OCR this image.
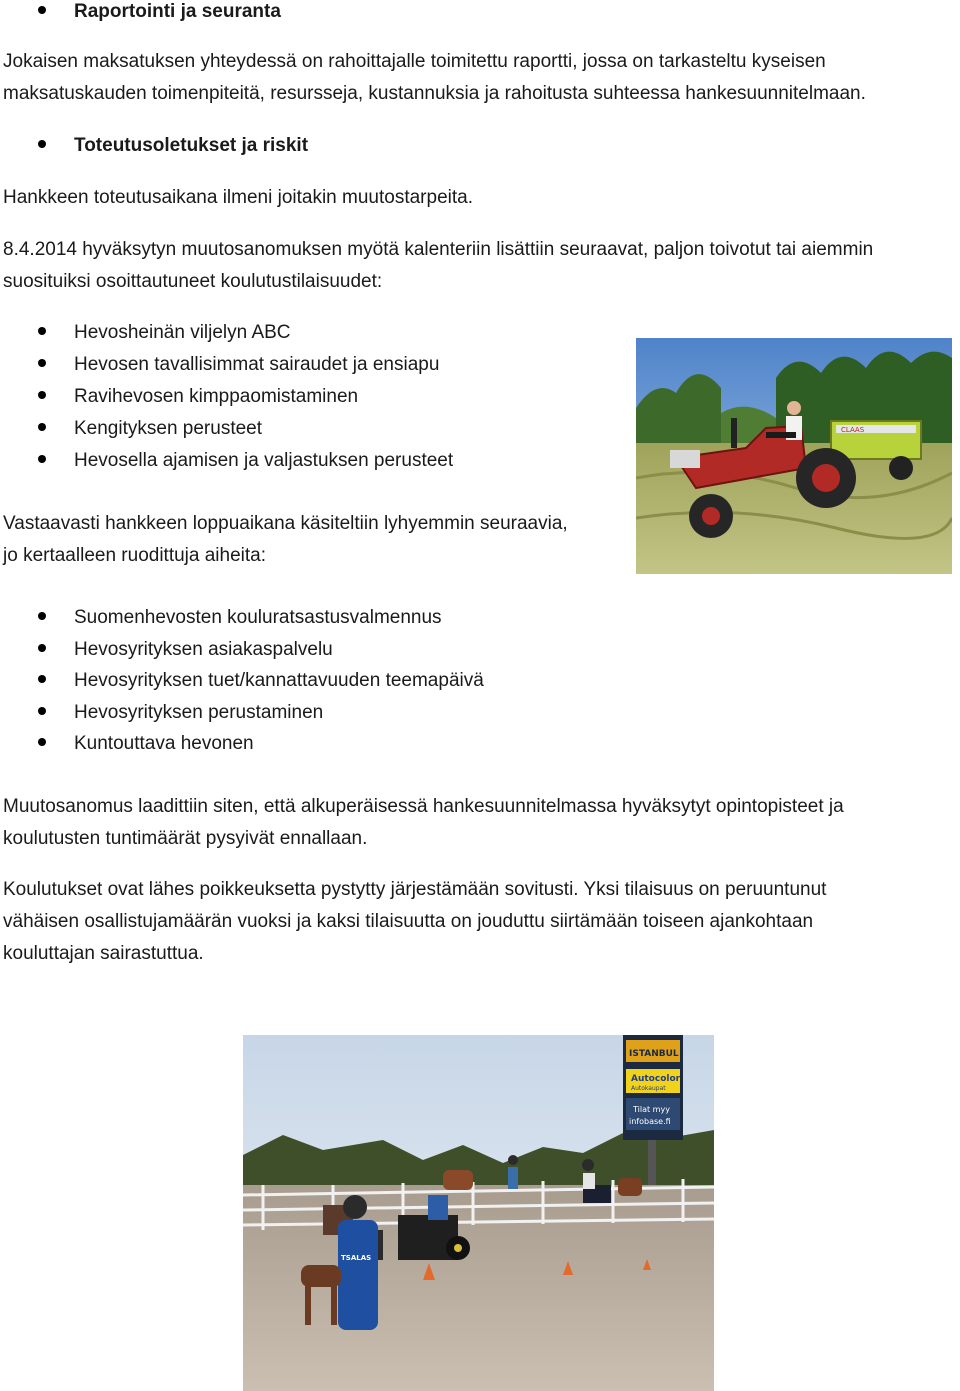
Raportointi ja seuranta
Jokaisen maksatuksen yhteydessä on rahoittajalle toimitettu raportti, jossa on tarkasteltu kyseisen
maksatuskauden toimenpiteitä, resursseja, kustannuksia ja rahoitusta suhteessa hankesuunnitelmaan.
Toteutusoletukset ja riskit
Hankkeen toteutusaikana ilmeni joitakin muutostarpeita.
8.4.2014 hyväksytyn muutosanomuksen myötä kalenteriin lisättiin seuraavat, paljon toivotut tai aiemmin
suosituiksi osoittautuneet koulutustilaisuudet:
Hevosheinän viljelyn ABC
Hevosen tavallisimmat sairaudet ja ensiapu
Ravihevosen kimppaomistaminen
Kengityksen perusteet
Hevosella ajamisen ja valjastuksen perusteet
CLAAS
Vastaavasti hankkeen loppuaikana käsiteltiin lyhyemmin seuraavia,
jo kertaalleen ruodittuja aiheita:
Suomenhevosten kouluratsastusvalmennus
Hevosyrityksen asiakaspalvelu
Hevosyrityksen tuet/kannattavuuden teemapäivä
Hevosyrityksen perustaminen
Kuntouttava hevonen
Muutosanomus laadittiin siten, että alkuperäisessä hankesuunnitelmassa hyväksytyt opintopisteet ja
koulutusten tuntimäärät pysyivät ennallaan.
Koulutukset ovat lähes poikkeuksetta pystytty järjestämään sovitusti. Yksi tilaisuus on peruuntunut
vähäisen osallistujamäärän vuoksi ja kaksi tilaisuutta on jouduttu siirtämään toiseen ajankohtaan
kouluttajan sairastuttua.
ISTANBUL
Autocolor
Autokaupat
Tilat myy
infobase.fi
TSALAS
